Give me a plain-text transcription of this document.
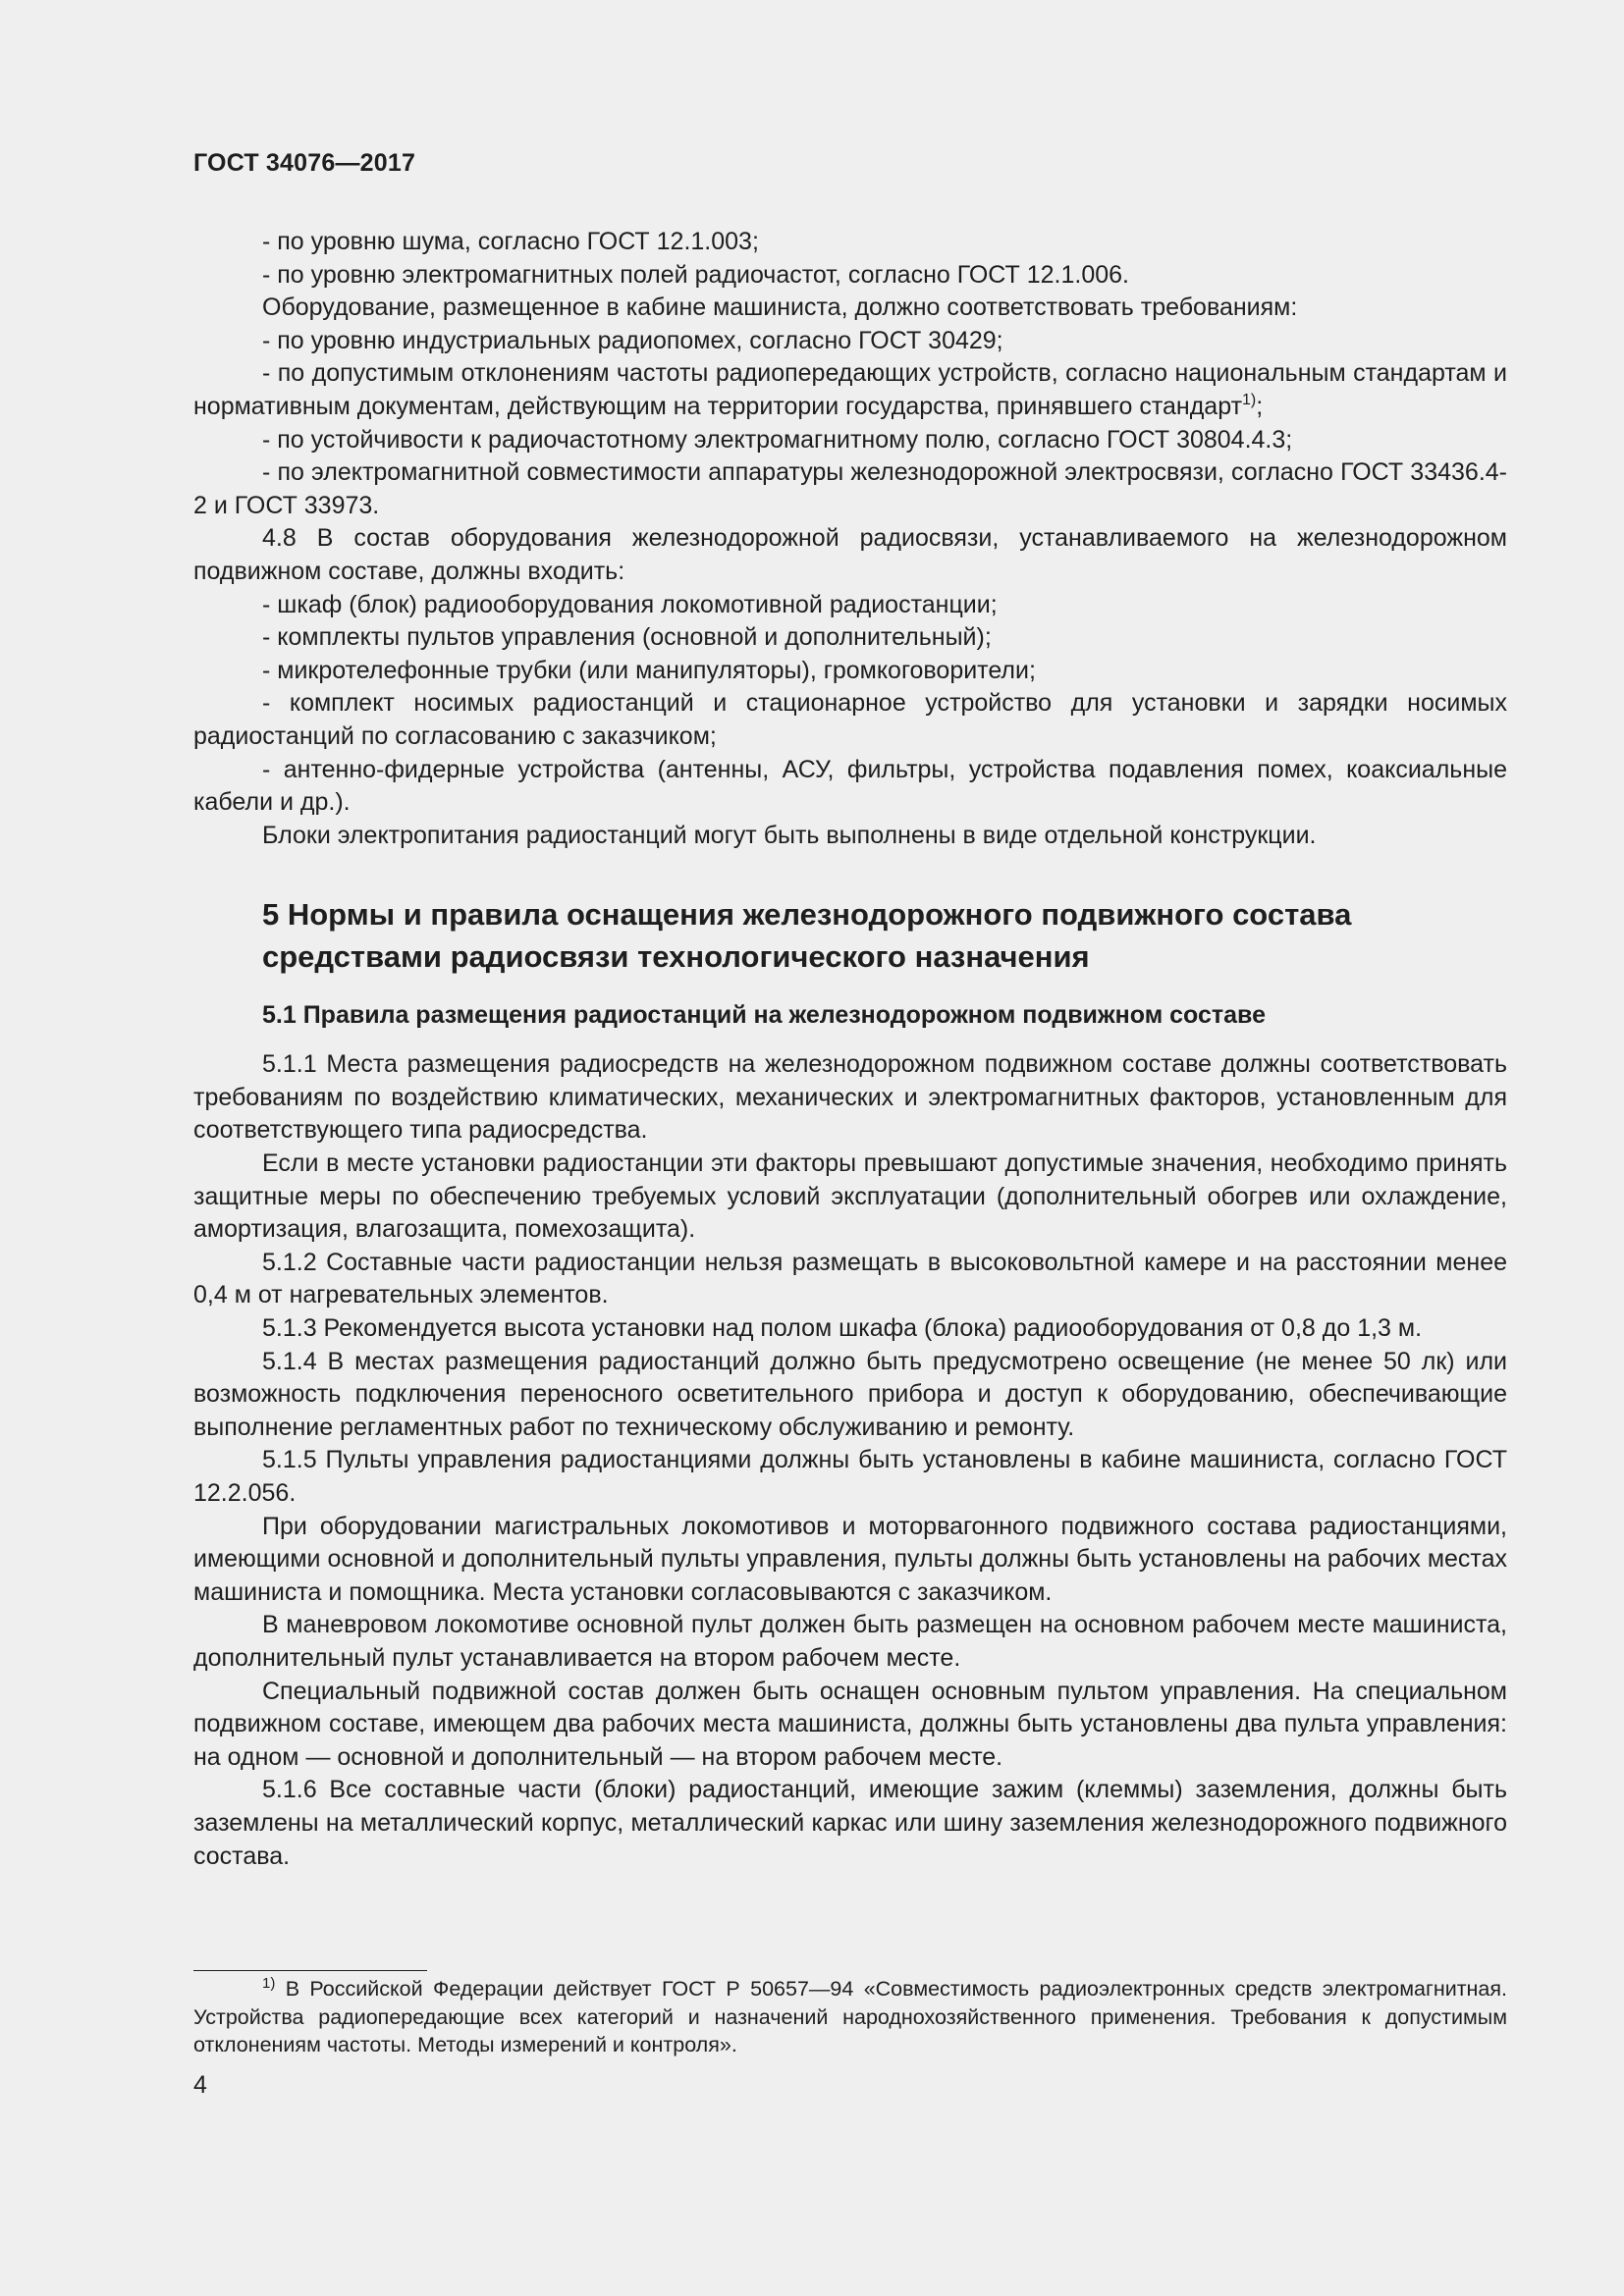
ГОСТ 34076—2017

- по уровню шума, согласно ГОСТ 12.1.003;

- по уровню электромагнитных полей радиочастот, согласно ГОСТ 12.1.006.

Оборудование, размещенное в кабине машиниста, должно соответствовать требованиям:

- по уровню индустриальных радиопомех, согласно ГОСТ 30429;

- по допустимым отклонениям частоты радиопередающих устройств, согласно национальным стандартам и нормативным документам, действующим на территории государства, принявшего стандарт$^{1)}$;

- по устойчивости к радиочастотному электромагнитному полю, согласно ГОСТ 30804.4.3;

- по электромагнитной совместимости аппаратуры железнодорожной электросвязи, согласно ГОСТ 33436.4-2 и ГОСТ 33973.

4.8 В состав оборудования железнодорожной радиосвязи, устанавливаемого на железнодорожном подвижном составе, должны входить:

- шкаф (блок) радиооборудования локомотивной радиостанции;

- комплекты пультов управления (основной и дополнительный);

- микротелефонные трубки (или манипуляторы), громкоговорители;

- комплект носимых радиостанций и стационарное устройство для установки и зарядки носимых радиостанций по согласованию с заказчиком;

- антенно-фидерные устройства (антенны, АСУ, фильтры, устройства подавления помех, коаксиальные кабели и др.).

Блоки электропитания радиостанций могут быть выполнены в виде отдельной конструкции.

5 Нормы и правила оснащения железнодорожного подвижного состава средствами радиосвязи технологического назначения
5.1 Правила размещения радиостанций на железнодорожном подвижном составе

5.1.1 Места размещения радиосредств на железнодорожном подвижном составе должны соответствовать требованиям по воздействию климатических, механических и электромагнитных факторов, установленным для соответствующего типа радиосредства.

Если в месте установки радиостанции эти факторы превышают допустимые значения, необходимо принять защитные меры по обеспечению требуемых условий эксплуатации (дополнительный обогрев или охлаждение, амортизация, влагозащита, помехозащита).

5.1.2 Составные части радиостанции нельзя размещать в высоковольтной камере и на расстоянии менее 0,4 м от нагревательных элементов.

5.1.3 Рекомендуется высота установки над полом шкафа (блока) радиооборудования от 0,8 до 1,3 м.

5.1.4 В местах размещения радиостанций должно быть предусмотрено освещение (не менее 50 лк) или возможность подключения переносного осветительного прибора и доступ к оборудованию, обеспечивающие выполнение регламентных работ по техническому обслуживанию и ремонту.

5.1.5 Пульты управления радиостанциями должны быть установлены в кабине машиниста, согласно ГОСТ 12.2.056.

При оборудовании магистральных локомотивов и моторвагонного подвижного состава радиостанциями, имеющими основной и дополнительный пульты управления, пульты должны быть установлены на рабочих местах машиниста и помощника. Места установки согласовываются с заказчиком.

В маневровом локомотиве основной пульт должен быть размещен на основном рабочем месте машиниста, дополнительный пульт устанавливается на втором рабочем месте.

Специальный подвижной состав должен быть оснащен основным пультом управления. На специальном подвижном составе, имеющем два рабочих места машиниста, должны быть установлены два пульта управления: на одном — основной и дополнительный — на втором рабочем месте.

5.1.6 Все составные части (блоки) радиостанций, имеющие зажим (клеммы) заземления, должны быть заземлены на металлический корпус, металлический каркас или шину заземления железнодорожного подвижного состава.

$^{1)}$ В Российской Федерации действует ГОСТ Р 50657—94 «Совместимость радиоэлектронных средств электромагнитная. Устройства радиопередающие всех категорий и назначений народнохозяйственного применения. Требования к допустимым отклонениям частоты. Методы измерений и контроля».

4
